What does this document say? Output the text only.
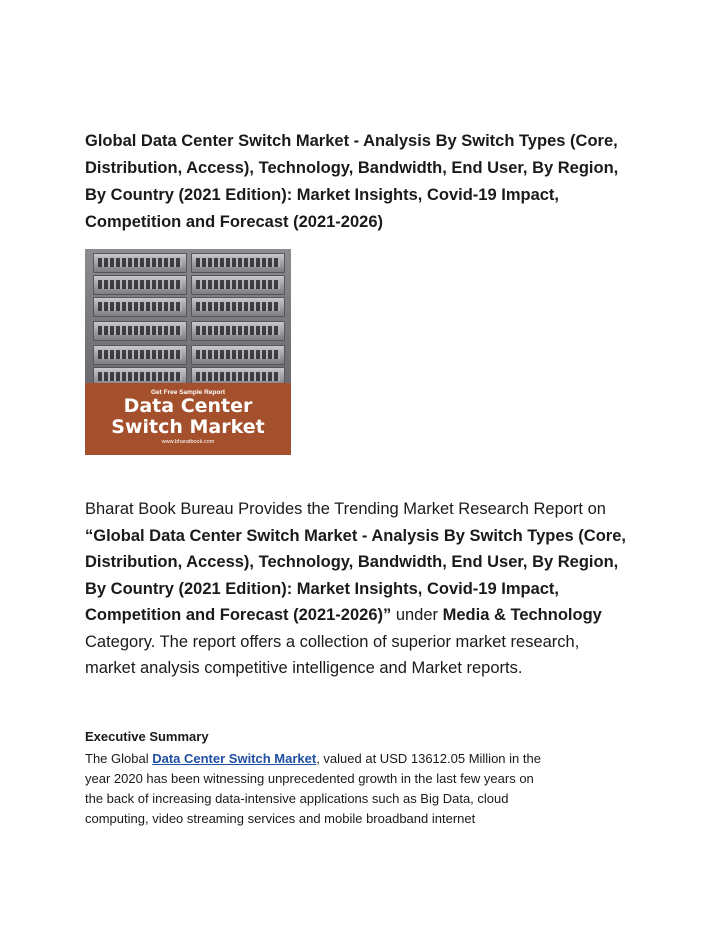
Global Data Center Switch Market - Analysis By Switch Types (Core,
Distribution, Access), Technology, Bandwidth, End User, By Region,
By Country (2021 Edition): Market Insights, Covid-19 Impact,
Competition and Forecast (2021-2026)
Get Free Sample Report
Data Center
Switch Market
www.bharatbook.com

Bharat Book Bureau Provides the Trending Market Research Report on
“Global Data Center Switch Market - Analysis By Switch Types (Core,
Distribution, Access), Technology, Bandwidth, End User, By Region,
By Country (2021 Edition): Market Insights, Covid-19 Impact,
Competition and Forecast (2021-2026)” under Media & Technology
Category. The report offers a collection of superior market research,
market analysis competitive intelligence and Market reports.

Executive Summary

The Global Data Center Switch Market, valued at USD 13612.05 Million in the
year 2020 has been witnessing unprecedented growth in the last few years on
the back of increasing data-intensive applications such as Big Data, cloud
computing, video streaming services and mobile broadband internet
